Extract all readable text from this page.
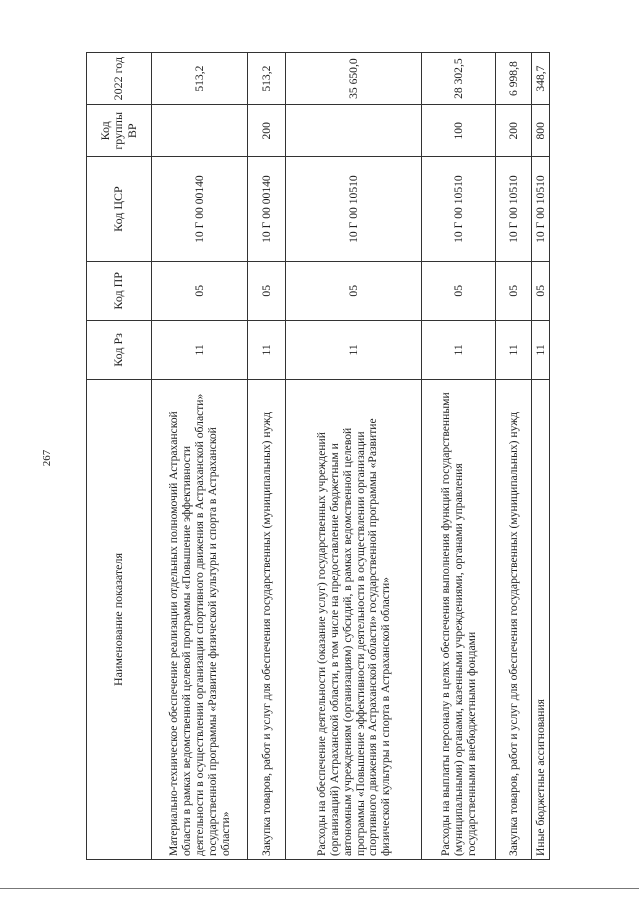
267
Наименование показателя	Код Рз	Код ПР	Код ЦСР	Код группы ВР	2022 год
Материально-техническое обеспечение реализации отдельных полномочий Астраханской области в рамках ведомственной целевой программы «Повышение эффективности деятельности в осуществлении организации спортивного движения в Астраханской области» государственной программы «Развитие физической культуры и спорта в Астраханской области»	11	05	10 Г 00 00140		513,2
Закупка товаров, работ и услуг для обеспечения государственных (муниципальных) нужд	11	05	10 Г 00 00140	200	513,2
Расходы на обеспечение деятельности (оказание услуг) государственных учреждений (организаций) Астраханской области, в том числе на предоставление бюджетным и автономным учреждениям (организациям) субсидий, в рамках ведомственной целевой программы «Повышение эффективности деятельности в осуществлении организации спортивного движения в Астраханской области» государственной программы «Развитие физической культуры и спорта в Астраханской области»	11	05	10 Г 00 10510		35 650,0
Расходы на выплаты персоналу в целях обеспечения выполнения функций государственными (муниципальными) органами, казенными учреждениями, органами управления государственными внебюджетными фондами	11	05	10 Г 00 10510	100	28 302,5
Закупка товаров, работ и услуг для обеспечения государственных (муниципальных) нужд	11	05	10 Г 00 10510	200	6 998,8
Иные бюджетные ассигнования	11	05	10 Г 00 10510	800	348,7
